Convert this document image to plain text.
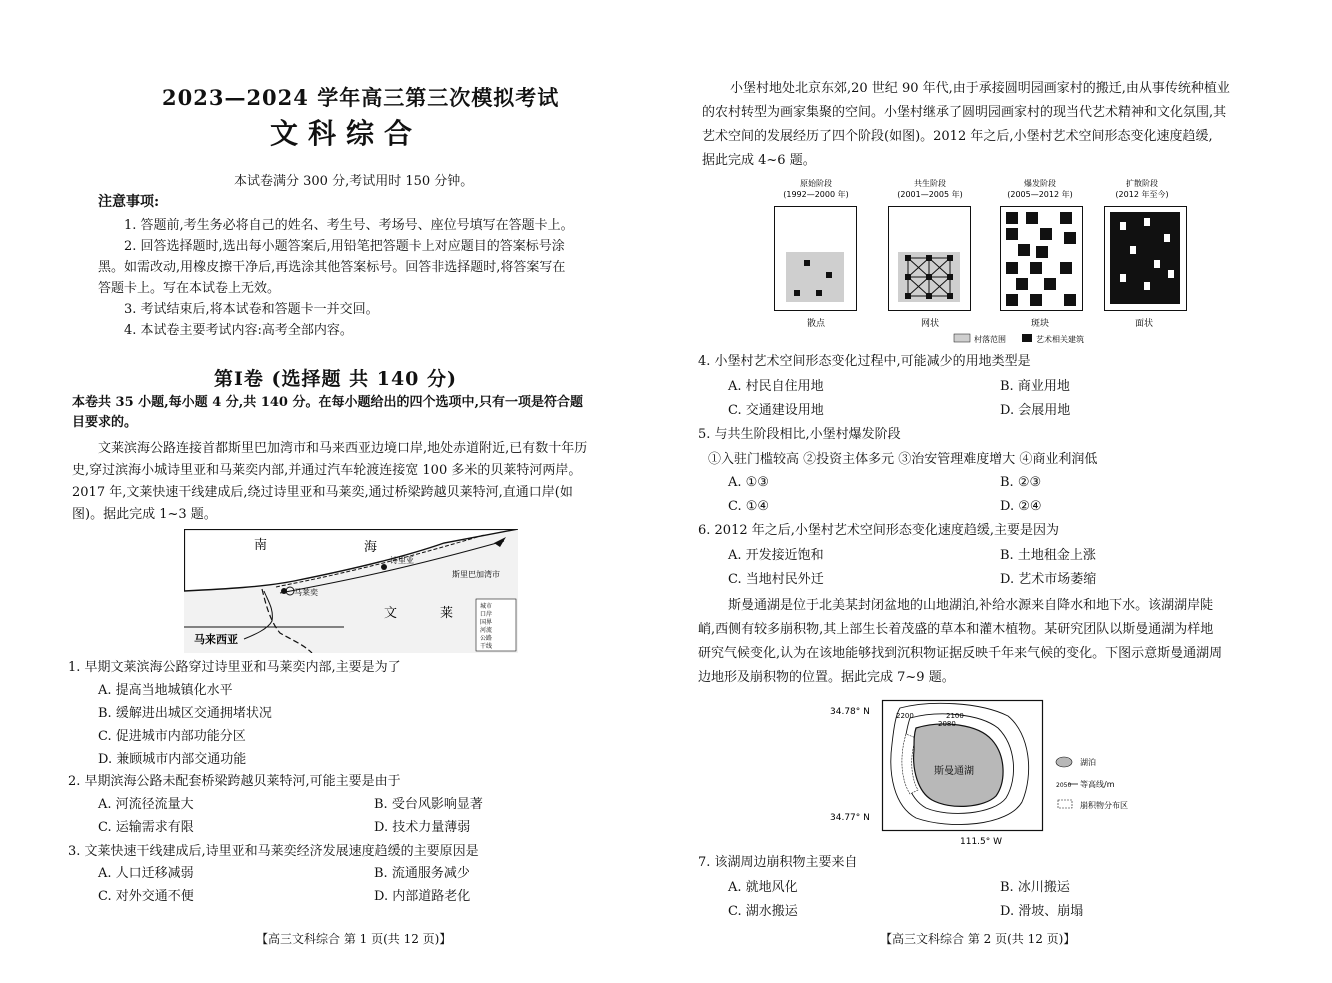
2023—2024 学年高三第三次模拟考试
文科综合
本试卷满分 300 分,考试用时 150 分钟。
注意事项:
1. 答题前,考生务必将自己的姓名、考生号、考场号、座位号填写在答题卡上。
2. 回答选择题时,选出每小题答案后,用铅笔把答题卡上对应题目的答案标号涂
黑。如需改动,用橡皮擦干净后,再选涂其他答案标号。回答非选择题时,将答案写在
答题卡上。写在本试卷上无效。
3. 考试结束后,将本试卷和答题卡一并交回。
4. 本试卷主要考试内容:高考全部内容。
第Ⅰ卷 (选择题 共 140 分)
本卷共 35 小题,每小题 4 分,共 140 分。在每小题给出的四个选项中,只有一项是符合题
目要求的。
文莱滨海公路连接首都斯里巴加湾市和马来西亚边境口岸,地处赤道附近,已有数十年历
史,穿过滨海小城诗里亚和马莱奕内部,并通过汽车轮渡连接宽 100 多米的贝莱特河两岸。
2017 年,文莱快速干线建成后,绕过诗里亚和马莱奕,通过桥梁跨越贝莱特河,直通口岸(如
图)。据此完成 1~3 题。
南	海
诗里亚
马莱奕
斯里巴加湾市
文	莱
马来西亚
城市
口岸
国界
河流
公路
干线
1. 早期文莱滨海公路穿过诗里亚和马莱奕内部,主要是为了
A. 提高当地城镇化水平
B. 缓解进出城区交通拥堵状况
C. 促进城市内部功能分区
D. 兼顾城市内部交通功能
2. 早期滨海公路未配套桥梁跨越贝莱特河,可能主要是由于
A. 河流径流量大	B. 受台风影响显著
C. 运输需求有限	D. 技术力量薄弱
3. 文莱快速干线建成后,诗里亚和马莱奕经济发展速度趋缓的主要原因是
A. 人口迁移减弱	B. 流通服务减少
C. 对外交通不便	D. 内部道路老化
【高三文科综合 第 1 页(共 12 页)】
小堡村地处北京东郊,20 世纪 90 年代,由于承接圆明园画家村的搬迁,由从事传统种植业
的农村转型为画家集聚的空间。小堡村继承了圆明园画家村的现当代艺术精神和文化氛围,其
艺术空间的发展经历了四个阶段(如图)。2012 年之后,小堡村艺术空间形态变化速度趋缓,
据此完成 4~6 题。
原始阶段
(1992—2000 年)
共生阶段
(2001—2005 年)
爆发阶段
(2005—2012 年)
扩散阶段
(2012 年至今)
散点	网状	斑块	面状
村落范围	艺术相关建筑
4. 小堡村艺术空间形态变化过程中,可能减少的用地类型是
A. 村民自住用地	B. 商业用地
C. 交通建设用地	D. 会展用地
5. 与共生阶段相比,小堡村爆发阶段
①入驻门槛较高 ②投资主体多元 ③治安管理难度增大 ④商业利润低
A. ①③	B. ②③
C. ①④	D. ②④
6. 2012 年之后,小堡村艺术空间形态变化速度趋缓,主要是因为
A. 开发接近饱和	B. 土地租金上涨
C. 当地村民外迁	D. 艺术市场萎缩
斯曼通湖是位于北美某封闭盆地的山地湖泊,补给水源来自降水和地下水。该湖湖岸陡
峭,西侧有较多崩积物,其上部生长着茂盛的草本和灌木植物。某研究团队以斯曼通湖为样地
研究气候变化,认为在该地能够找到沉积物证据反映千年来气候的变化。下图示意斯曼通湖周
边地形及崩积物的位置。据此完成 7~9 题。
34.78° N
34.77° N
111.5° W
斯曼通湖
2100
2080
2200
湖泊
2050 等高线/m
崩积物分布区
7. 该湖周边崩积物主要来自
A. 就地风化	B. 冰川搬运
C. 湖水搬运	D. 滑坡、崩塌
【高三文科综合 第 2 页(共 12 页)】
